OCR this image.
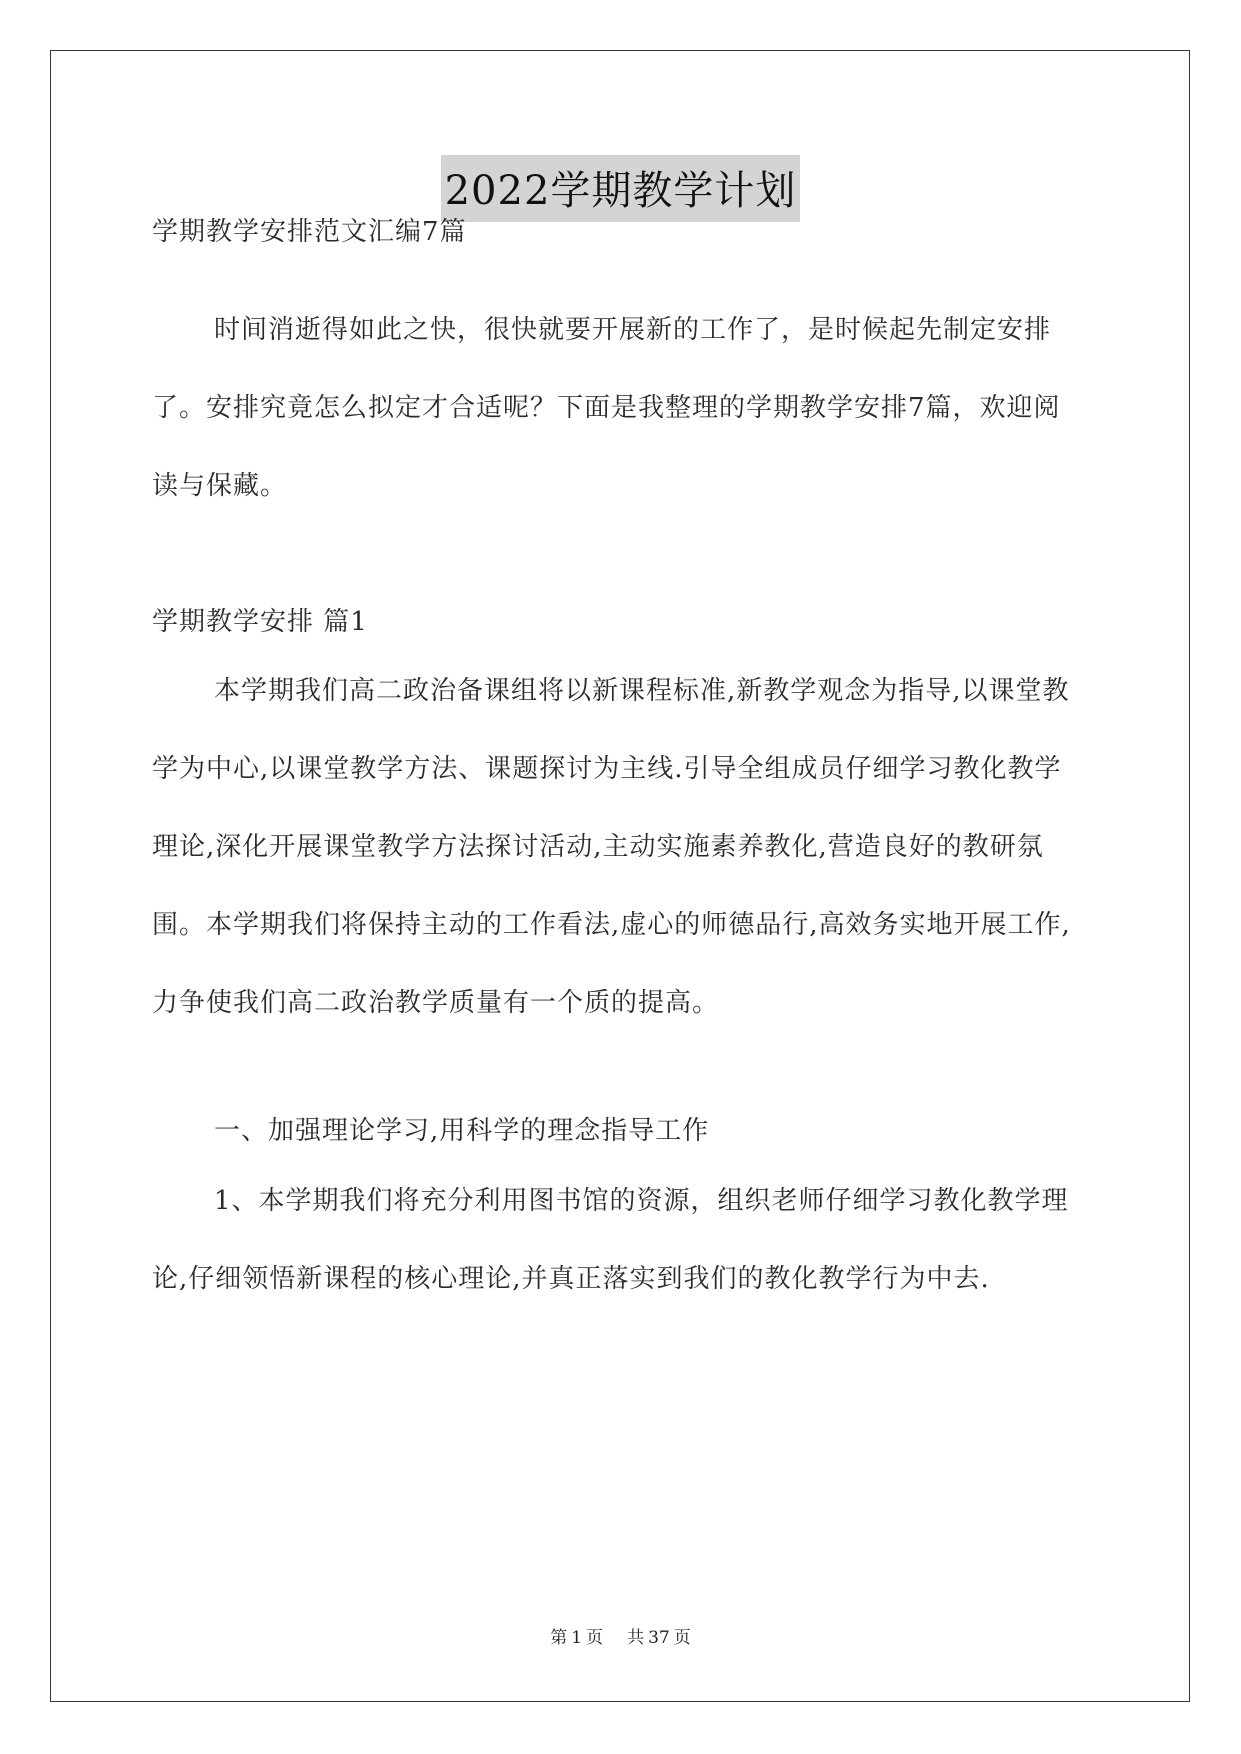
2022学期教学计划

学期教学安排范文汇编7篇

时间消逝得如此之快，很快就要开展新的工作了，是时候起先制定安排了。安排究竟怎么拟定才合适呢？下面是我整理的学期教学安排7篇，欢迎阅读与保藏。

学期教学安排 篇1

本学期我们高二政治备课组将以新课程标准,新教学观念为指导,以课堂教学为中心,以课堂教学方法、课题探讨为主线.引导全组成员仔细学习教化教学理论,深化开展课堂教学方法探讨活动,主动实施素养教化,营造良好的教研氛围。本学期我们将保持主动的工作看法,虚心的师德品行,高效务实地开展工作,力争使我们高二政治教学质量有一个质的提高。

一、加强理论学习,用科学的理念指导工作

1、本学期我们将充分利用图书馆的资源，组织老师仔细学习教化教学理论,仔细领悟新课程的核心理论,并真正落实到我们的教化教学行为中去.

第 1 页 共 37 页
